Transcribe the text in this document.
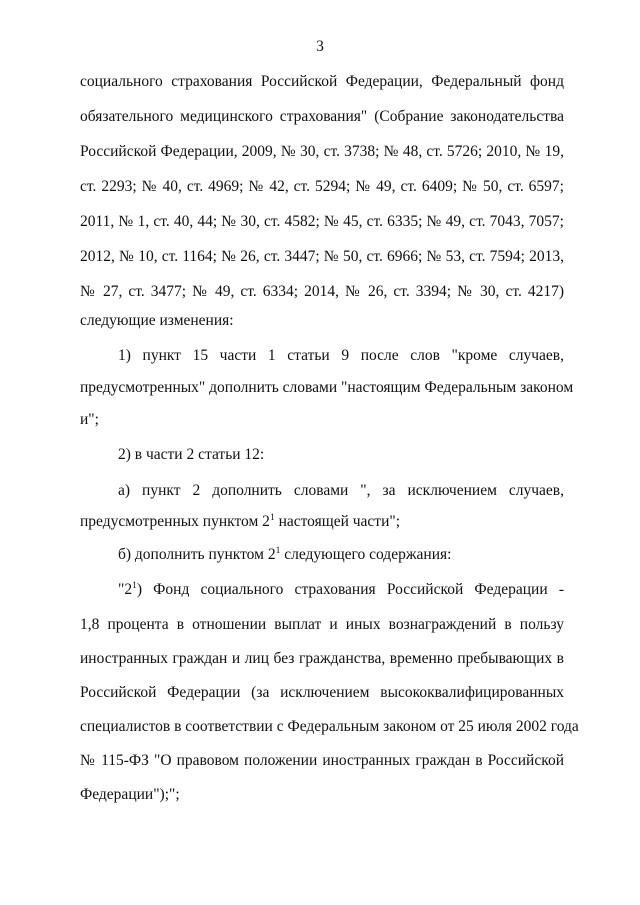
3
социального страхования Российской Федерации, Федеральный фонд
обязательного медицинского страхования" (Собрание законодательства
Российской Федерации, 2009, № 30, ст. 3738; № 48, ст. 5726; 2010, № 19,
ст. 2293; № 40, ст. 4969; № 42, ст. 5294; № 49, ст. 6409; № 50, ст. 6597;
2011, № 1, ст. 40, 44; № 30, ст. 4582; № 45, ст. 6335; № 49, ст. 7043, 7057;
2012, № 10, ст. 1164; № 26, ст. 3447; № 50, ст. 6966; № 53, ст. 7594; 2013,
№ 27, ст. 3477; № 49, ст. 6334; 2014, № 26, ст. 3394; № 30, ст. 4217)
следующие изменения:
1) пункт 15 части 1 статьи 9 после слов "кроме случаев,
предусмотренных" дополнить словами "настоящим Федеральным законом
и";
2) в части 2 статьи 12:
а) пункт 2 дополнить словами ", за исключением случаев,
предусмотренных пунктом $2^1$ настоящей части";
б) дополнить пунктом $2^1$ следующего содержания:
"$2^1$) Фонд социального страхования Российской Федерации -
1,8 процента в отношении выплат и иных вознаграждений в пользу
иностранных граждан и лиц без гражданства, временно пребывающих в
Российской Федерации (за исключением высококвалифицированных
специалистов в соответствии с Федеральным законом от 25 июля 2002 года
№ 115-ФЗ "О правовом положении иностранных граждан в Российской
Федерации");";
